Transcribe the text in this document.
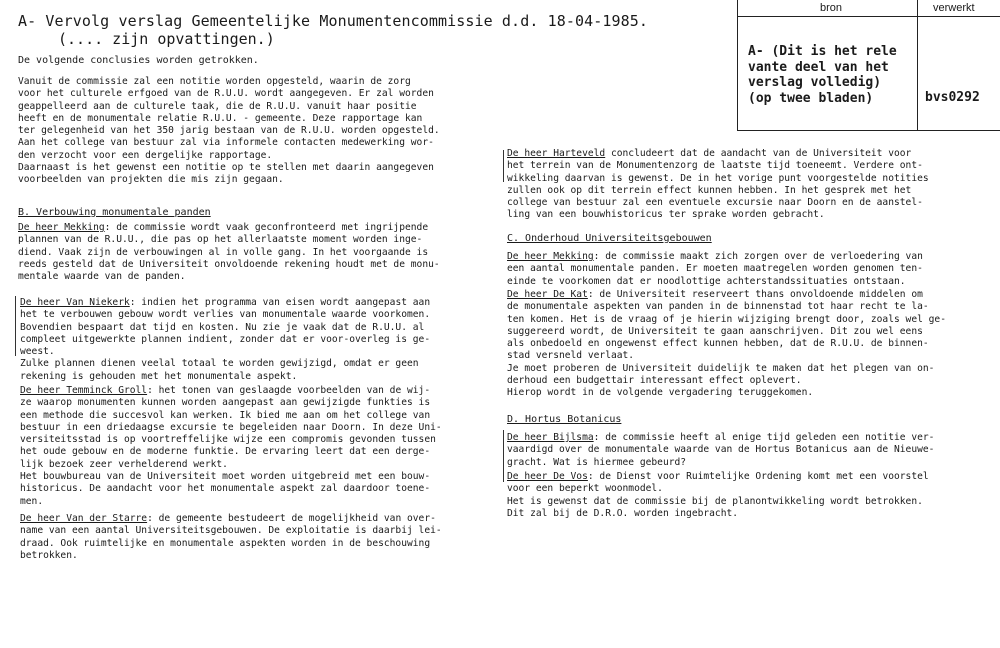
A- Vervolg verslag Gemeentelijke Monumentencommissie d.d. 18-04-1985.
(.... zijn opvattingen.)
De volgende conclusies worden getrokken.
bron	verwerkt
A- (Dit is het rele
vante deel van het
verslag volledig)
(op twee bladen)	bvs0292
Vanuit de commissie zal een notitie worden opgesteld, waarin de zorg
voor het culturele erfgoed van de R.U.U. wordt aangegeven. Er zal worden
geappelleerd aan de culturele taak, die de R.U.U. vanuit haar positie
heeft en de monumentale relatie R.U.U. - gemeente. Deze rapportage kan
ter gelegenheid van het 350 jarig bestaan van de R.U.U. worden opgesteld.
Aan het college van bestuur zal via informele contacten medewerking wor-
den verzocht voor een dergelijke rapportage.
Daarnaast is het gewenst een notitie op te stellen met daarin aangegeven
voorbeelden van projekten die mis zijn gegaan.
B. Verbouwing monumentale panden
De heer Mekking: de commissie wordt vaak geconfronteerd met ingrijpende
plannen van de R.U.U., die pas op het allerlaatste moment worden inge-
diend. Vaak zijn de verbouwingen al in volle gang. In het voorgaande is
reeds gesteld dat de Universiteit onvoldoende rekening houdt met de monu-
mentale waarde van de panden.
De heer Van Niekerk: indien het programma van eisen wordt aangepast aan
het te verbouwen gebouw wordt verlies van monumentale waarde voorkomen.
Bovendien bespaart dat tijd en kosten. Nu zie je vaak dat de R.U.U. al
compleet uitgewerkte plannen indient, zonder dat er voor-overleg is ge-
weest.
Zulke plannen dienen veelal totaal te worden gewijzigd, omdat er geen
rekening is gehouden met het monumentale aspekt.
De heer Temminck Groll: het tonen van geslaagde voorbeelden van de wij-
ze waarop monumenten kunnen worden aangepast aan gewijzigde funkties is
een methode die succesvol kan werken. Ik bied me aan om het college van
bestuur in een driedaagse excursie te begeleiden naar Doorn. In deze Uni-
versiteitsstad is op voortreffelijke wijze een compromis gevonden tussen
het oude gebouw en de moderne funktie. De ervaring leert dat een derge-
lijk bezoek zeer verhelderend werkt.
Het bouwbureau van de Universiteit moet worden uitgebreid met een bouw-
historicus. De aandacht voor het monumentale aspekt zal daardoor toene-
men.
De heer Van der Starre: de gemeente bestudeert de mogelijkheid van over-
name van een aantal Universiteitsgebouwen. De exploitatie is daarbij lei-
draad. Ook ruimtelijke en monumentale aspekten worden in de beschouwing
betrokken.
De heer Harteveld concludeert dat de aandacht van de Universiteit voor
het terrein van de Monumentenzorg de laatste tijd toeneemt. Verdere ont-
wikkeling daarvan is gewenst. De in het vorige punt voorgestelde notities
zullen ook op dit terrein effect kunnen hebben. In het gesprek met het
college van bestuur zal een eventuele excursie naar Doorn en de aanstel-
ling van een bouwhistoricus ter sprake worden gebracht.
C. Onderhoud Universiteitsgebouwen
De heer Mekking: de commissie maakt zich zorgen over de verloedering van
een aantal monumentale panden. Er moeten maatregelen worden genomen ten-
einde te voorkomen dat er noodlottige achterstandssituaties ontstaan.
De heer De Kat: de Universiteit reserveert thans onvoldoende middelen om
de monumentale aspekten van panden in de binnenstad tot haar recht te la-
ten komen. Het is de vraag of je hierin wijziging brengt door, zoals wel ge-
suggereerd wordt, de Universiteit te gaan aanschrijven. Dit zou wel eens
als onbedoeld en ongewenst effect kunnen hebben, dat de R.U.U. de binnen-
stad versneld verlaat.
Je moet proberen de Universiteit duidelijk te maken dat het plegen van on-
derhoud een budgettair interessant effect oplevert.
Hierop wordt in de volgende vergadering teruggekomen.
D. Hortus Botanicus
De heer Bijlsma: de commissie heeft al enige tijd geleden een notitie ver-
vaardigd over de monumentale waarde van de Hortus Botanicus aan de Nieuwe-
gracht. Wat is hiermee gebeurd?
De heer De Vos: de Dienst voor Ruimtelijke Ordening komt met een voorstel
voor een beperkt woonmodel.
Het is gewenst dat de commissie bij de planontwikkeling wordt betrokken.
Dit zal bij de D.R.O. worden ingebracht.
